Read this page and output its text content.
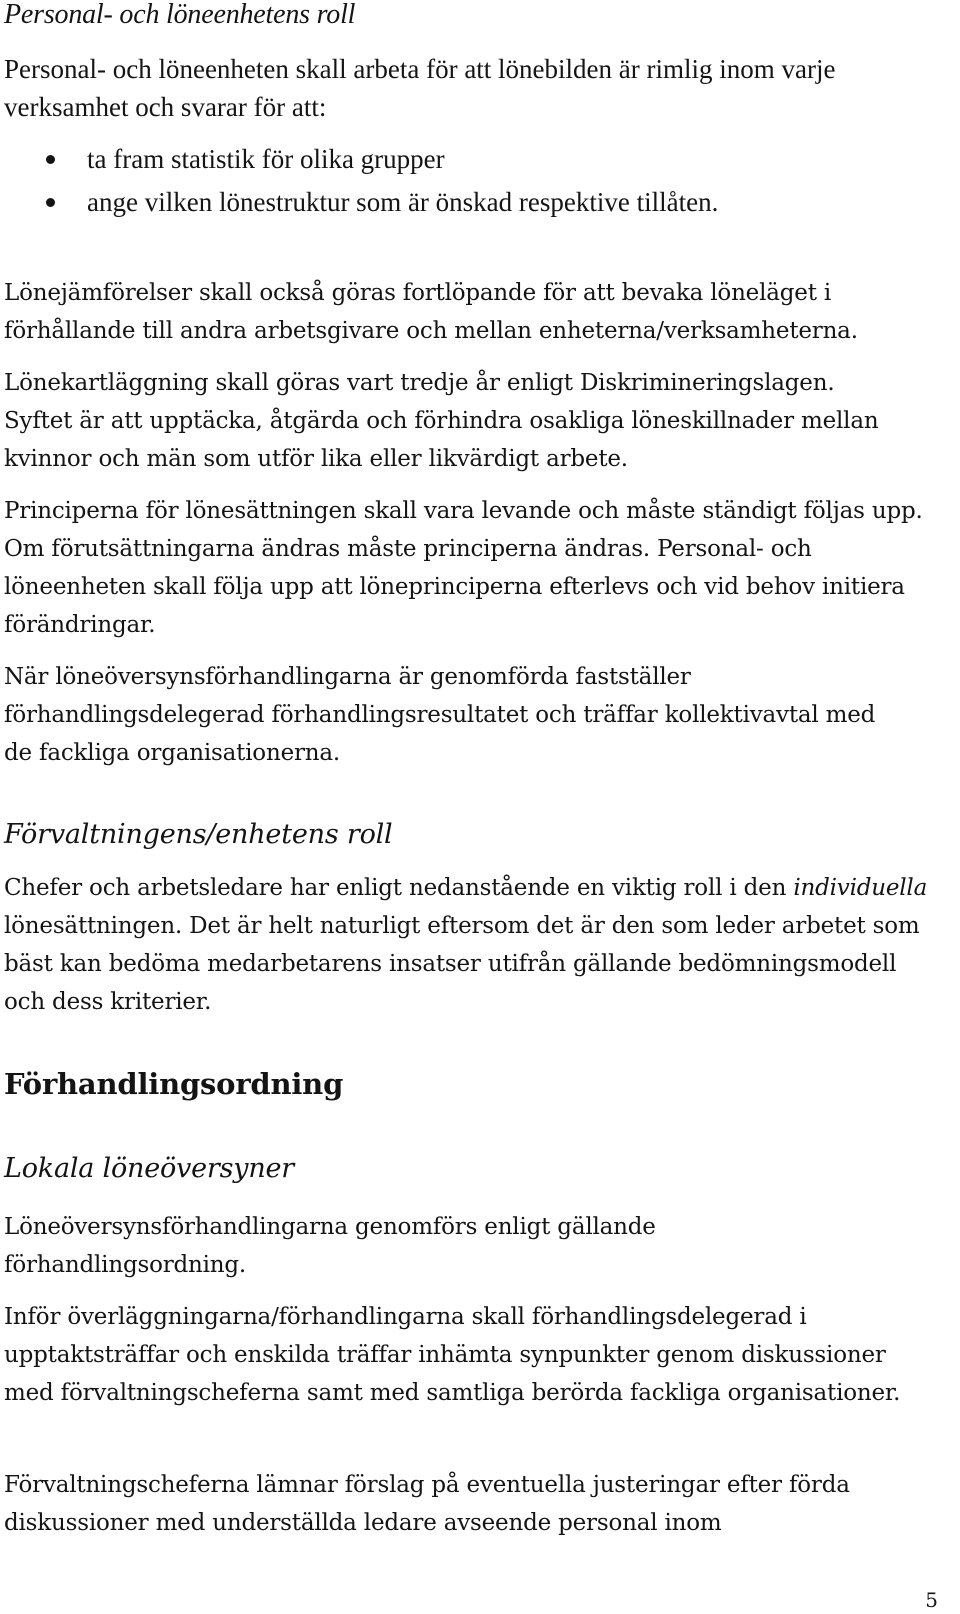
Personal- och löneenhetens roll

Personal- och löneenheten skall arbeta för att lönebilden är rimlig inom varje verksamhet och svarar för att:

ta fram statistik för olika grupper
ange vilken lönestruktur som är önskad respektive tillåten.

Lönejämförelser skall också göras fortlöpande för att bevaka löneläget i förhållande till andra arbetsgivare och mellan enheterna/verksamheterna.

Lönekartläggning skall göras vart tredje år enligt Diskrimineringslagen.

Syftet är att upptäcka, åtgärda och förhindra osakliga löneskillnader mellan kvinnor och män som utför lika eller likvärdigt arbete.

Principerna för lönesättningen skall vara levande och måste ständigt följas upp. Om förutsättningarna ändras måste principerna ändras. Personal- och löneenheten skall följa upp att löneprinciperna efterlevs och vid behov initiera förändringar.

När löneöversynsförhandlingarna är genomförda fastställer förhandlingsdelegerad förhandlingsresultatet och träffar kollektivavtal med de fackliga organisationerna.

Förvaltningens/enhetens roll

Chefer och arbetsledare har enligt nedanstående en viktig roll i den individuella lönesättningen. Det är helt naturligt eftersom det är den som leder arbetet som bäst kan bedöma medarbetarens insatser utifrån gällande bedömningsmodell och dess kriterier.

Förhandlingsordning
Lokala löneöversyner

Löneöversynsförhandlingarna genomförs enligt gällande förhandlingsordning.

Inför överläggningarna/förhandlingarna skall förhandlingsdelegerad i upptaktsträffar och enskilda träffar inhämta synpunkter genom diskussioner med förvaltningscheferna samt med samtliga berörda fackliga organisationer.

Förvaltningscheferna lämnar förslag på eventuella justeringar efter förda diskussioner med underställda ledare avseende personal inom

5
